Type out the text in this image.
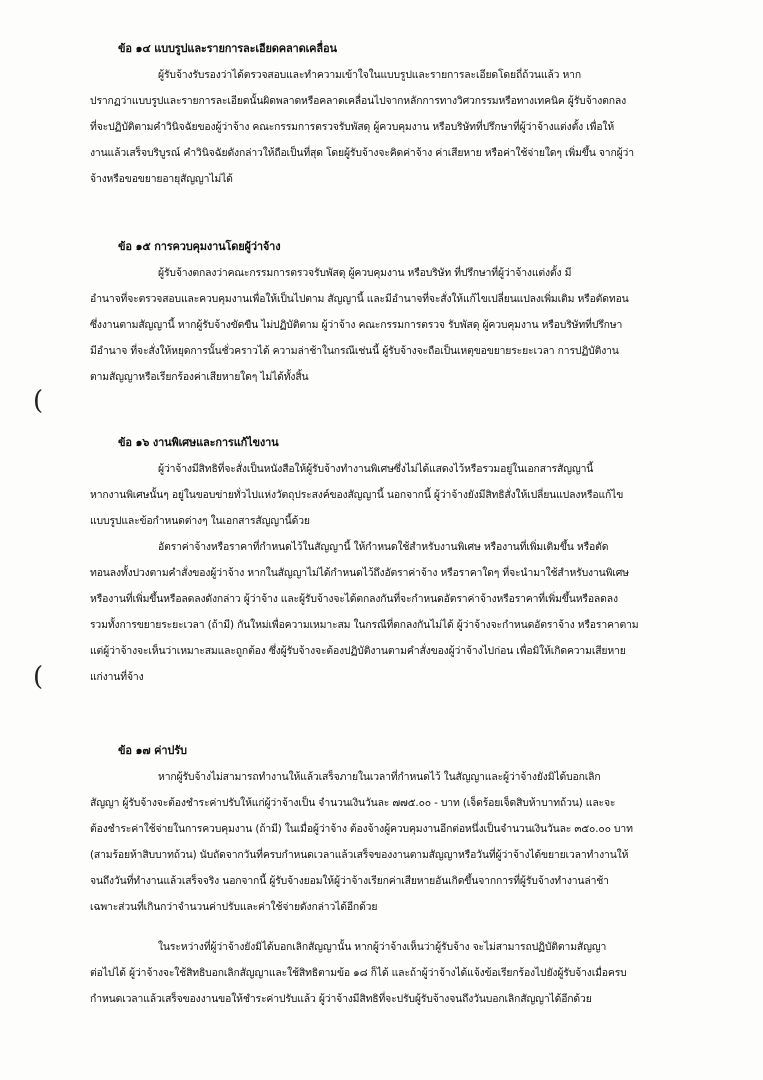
ข้อ ๑๔ แบบรูปและรายการละเอียดคลาดเคลื่อน
ผู้รับจ้างรับรองว่าได้ตรวจสอบและทำความเข้าใจในแบบรูปและรายการละเอียดโดยถี่ถ้วนแล้ว หาก
ปรากฏว่าแบบรูปและรายการละเอียดนั้นผิดพลาดหรือคลาดเคลื่อนไปจากหลักการทางวิศวกรรมหรือทางเทคนิค ผู้รับจ้างตกลง
ที่จะปฏิบัติตามคำวินิจฉัยของผู้ว่าจ้าง คณะกรรมการตรวจรับพัสดุ ผู้ควบคุมงาน หรือบริษัทที่ปรึกษาที่ผู้ว่าจ้างแต่งตั้ง เพื่อให้
งานแล้วเสร็จบริบูรณ์ คำวินิจฉัยดังกล่าวให้ถือเป็นที่สุด โดยผู้รับจ้างจะคิดค่าจ้าง ค่าเสียหาย หรือค่าใช้จ่ายใดๆ เพิ่มขึ้น จากผู้ว่า
จ้างหรือขอขยายอายุสัญญาไม่ได้
ข้อ ๑๕ การควบคุมงานโดยผู้ว่าจ้าง
ผู้รับจ้างตกลงว่าคณะกรรมการตรวจรับพัสดุ ผู้ควบคุมงาน หรือบริษัท ที่ปรึกษาที่ผู้ว่าจ้างแต่งตั้ง มี
อำนาจที่จะตรวจสอบและควบคุมงานเพื่อให้เป็นไปตาม สัญญานี้ และมีอำนาจที่จะสั่งให้แก้ไขเปลี่ยนแปลงเพิ่มเติม หรือตัดทอน
ซึ่งงานตามสัญญานี้ หากผู้รับจ้างขัดขืน ไม่ปฏิบัติตาม ผู้ว่าจ้าง คณะกรรมการตรวจ รับพัสดุ ผู้ควบคุมงาน หรือบริษัทที่ปรึกษา
มีอำนาจ ที่จะสั่งให้หยุดการนั้นชั่วคราวได้ ความล่าช้าในกรณีเช่นนี้ ผู้รับจ้างจะถือเป็นเหตุขอขยายระยะเวลา การปฏิบัติงาน
ตามสัญญาหรือเรียกร้องค่าเสียหายใดๆ ไม่ได้ทั้งสิ้น
(
ข้อ ๑๖ งานพิเศษและการแก้ไขงาน
ผู้ว่าจ้างมีสิทธิที่จะสั่งเป็นหนังสือให้ผู้รับจ้างทำงานพิเศษซึ่งไม่ได้แสดงไว้หรือรวมอยู่ในเอกสารสัญญานี้
หากงานพิเศษนั้นๆ อยู่ในขอบข่ายทั่วไปแห่งวัตถุประสงค์ของสัญญานี้ นอกจากนี้ ผู้ว่าจ้างยังมีสิทธิสั่งให้เปลี่ยนแปลงหรือแก้ไข
แบบรูปและข้อกำหนดต่างๆ ในเอกสารสัญญานี้ด้วย
อัตราค่าจ้างหรือราคาที่กำหนดไว้ในสัญญานี้ ให้กำหนดใช้สำหรับงานพิเศษ หรืองานที่เพิ่มเติมขึ้น หรือตัด
ทอนลงทั้งปวงตามคำสั่งของผู้ว่าจ้าง หากในสัญญาไม่ได้กำหนดไว้ถึงอัตราค่าจ้าง หรือราคาใดๆ ที่จะนำมาใช้สำหรับงานพิเศษ
หรืองานที่เพิ่มขึ้นหรือลดลงดังกล่าว ผู้ว่าจ้าง และผู้รับจ้างจะได้ตกลงกันที่จะกำหนดอัตราค่าจ้างหรือราคาที่เพิ่มขึ้นหรือลดลง
รวมทั้งการขยายระยะเวลา (ถ้ามี) กันใหม่เพื่อความเหมาะสม ในกรณีที่ตกลงกันไม่ได้ ผู้ว่าจ้างจะกำหนดอัตราจ้าง หรือราคาตาม
แต่ผู้ว่าจ้างจะเห็นว่าเหมาะสมและถูกต้อง ซึ่งผู้รับจ้างจะต้องปฏิบัติงานตามคำสั่งของผู้ว่าจ้างไปก่อน เพื่อมิให้เกิดความเสียหาย
แก่งานที่จ้าง
(
ข้อ ๑๗ ค่าปรับ
หากผู้รับจ้างไม่สามารถทำงานให้แล้วเสร็จภายในเวลาที่กำหนดไว้ ในสัญญาและผู้ว่าจ้างยังมิได้บอกเลิก
สัญญา ผู้รับจ้างจะต้องชำระค่าปรับให้แก่ผู้ว่าจ้างเป็น จำนวนเงินวันละ ๗๗๕.๐๐ - บาท (เจ็ดร้อยเจ็ดสิบห้าบาทถ้วน) และจะ
ต้องชำระค่าใช้จ่ายในการควบคุมงาน (ถ้ามี) ในเมื่อผู้ว่าจ้าง ต้องจ้างผู้ควบคุมงานอีกต่อหนึ่งเป็นจำนวนเงินวันละ ๓๕๐.๐๐ บาท
(สามร้อยห้าสิบบาทถ้วน) นับถัดจากวันที่ครบกำหนดเวลาแล้วเสร็จของงานตามสัญญาหรือวันที่ผู้ว่าจ้างได้ขยายเวลาทำงานให้
จนถึงวันที่ทำงานแล้วเสร็จจริง นอกจากนี้ ผู้รับจ้างยอมให้ผู้ว่าจ้างเรียกค่าเสียหายอันเกิดขึ้นจากการที่ผู้รับจ้างทำงานล่าช้า
เฉพาะส่วนที่เกินกว่าจำนวนค่าปรับและค่าใช้จ่ายดังกล่าวได้อีกด้วย
ในระหว่างที่ผู้ว่าจ้างยังมิได้บอกเลิกสัญญานั้น หากผู้ว่าจ้างเห็นว่าผู้รับจ้าง จะไม่สามารถปฏิบัติตามสัญญา
ต่อไปได้ ผู้ว่าจ้างจะใช้สิทธิบอกเลิกสัญญาและใช้สิทธิตามข้อ ๑๘ ก็ได้ และถ้าผู้ว่าจ้างได้แจ้งข้อเรียกร้องไปยังผู้รับจ้างเมื่อครบ
กำหนดเวลาแล้วเสร็จของงานขอให้ชำระค่าปรับแล้ว ผู้ว่าจ้างมีสิทธิที่จะปรับผู้รับจ้างจนถึงวันบอกเลิกสัญญาได้อีกด้วย
